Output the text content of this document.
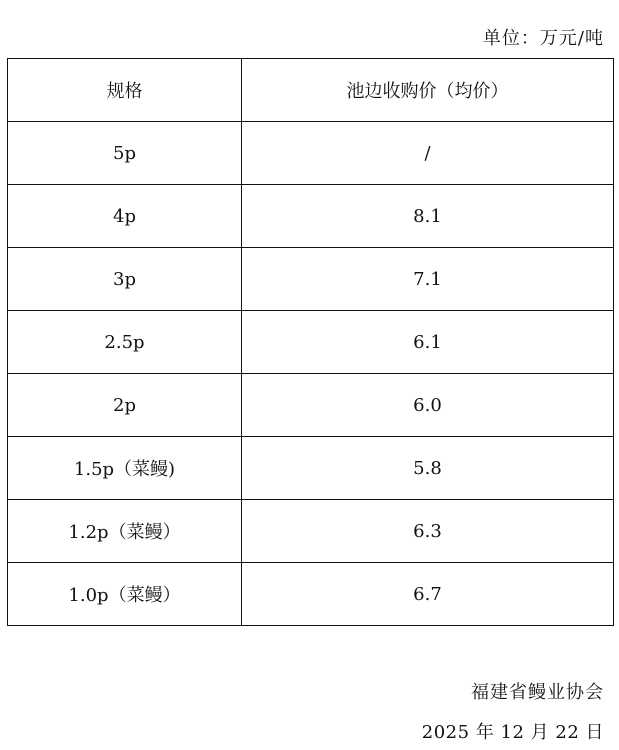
单位：万元/吨
规格	池边收购价（均价）
5p	/
4p	8.1
3p	7.1
2.5p	6.1
2p	6.0
1.5p（菜鳗)	5.8
1.2p（菜鳗）	6.3
1.0p（菜鳗）	6.7
福建省鳗业协会
2025 年 12 月 22 日
